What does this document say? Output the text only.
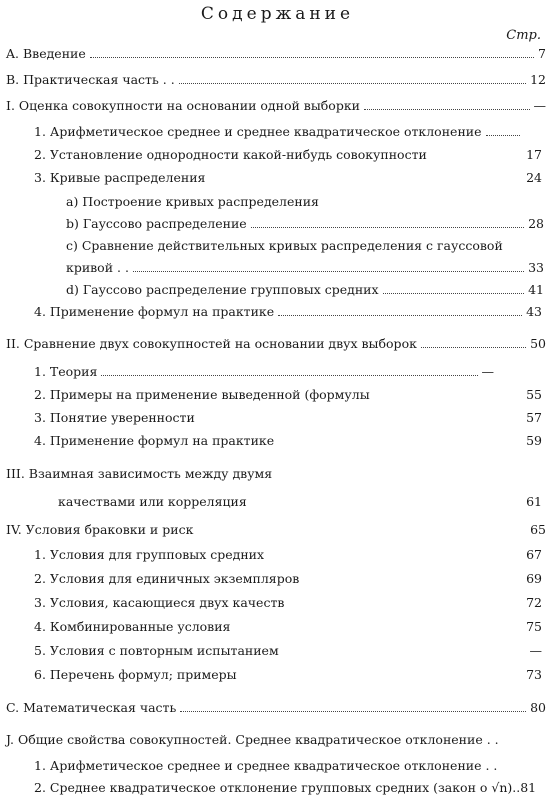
Содержание
Стр.
A. Введение	7
B. Практическая часть . .	12
I. Оценка совокупности на основании одной выборки	—
1. Арифметическое среднее и среднее квадратическое отклонение
2. Установление однородности какой-нибудь совокупности	17
3. Кривые распределения	24
a) Построение кривых распределения
b) Гауссово распределение	28
c) Сравнение действительных кривых распределения с гауссовой
кривой . .	33
d) Гауссово распределение групповых средних	41
4. Применение формул на практике	43
II. Сравнение двух совокупностей на основании двух выборок	50
1. Теория	—
2. Примеры на применение выведенной (формулы	55
3. Понятие уверенности	57
4. Применение формул на практике	59
III. Взаимная зависимость между двумя
качествами или корреляция	61
IV. Условия браковки и риск	65
1. Условия для групповых средних	67
2. Условия для единичных экземпляров	69
3. Условия, касающиеся двух качеств	72
4. Комбинированные условия	75
5. Условия с повторным испытанием	—
6. Перечень формул; примеры	73
C. Математическая часть	80
J. Общие свойства совокупностей. Среднее квадратическое отклонение . .
1. Арифметическое среднее и среднее квадратическое отклонение . .
2. Среднее квадратическое отклонение групповых средних (закон о √n).. 81
